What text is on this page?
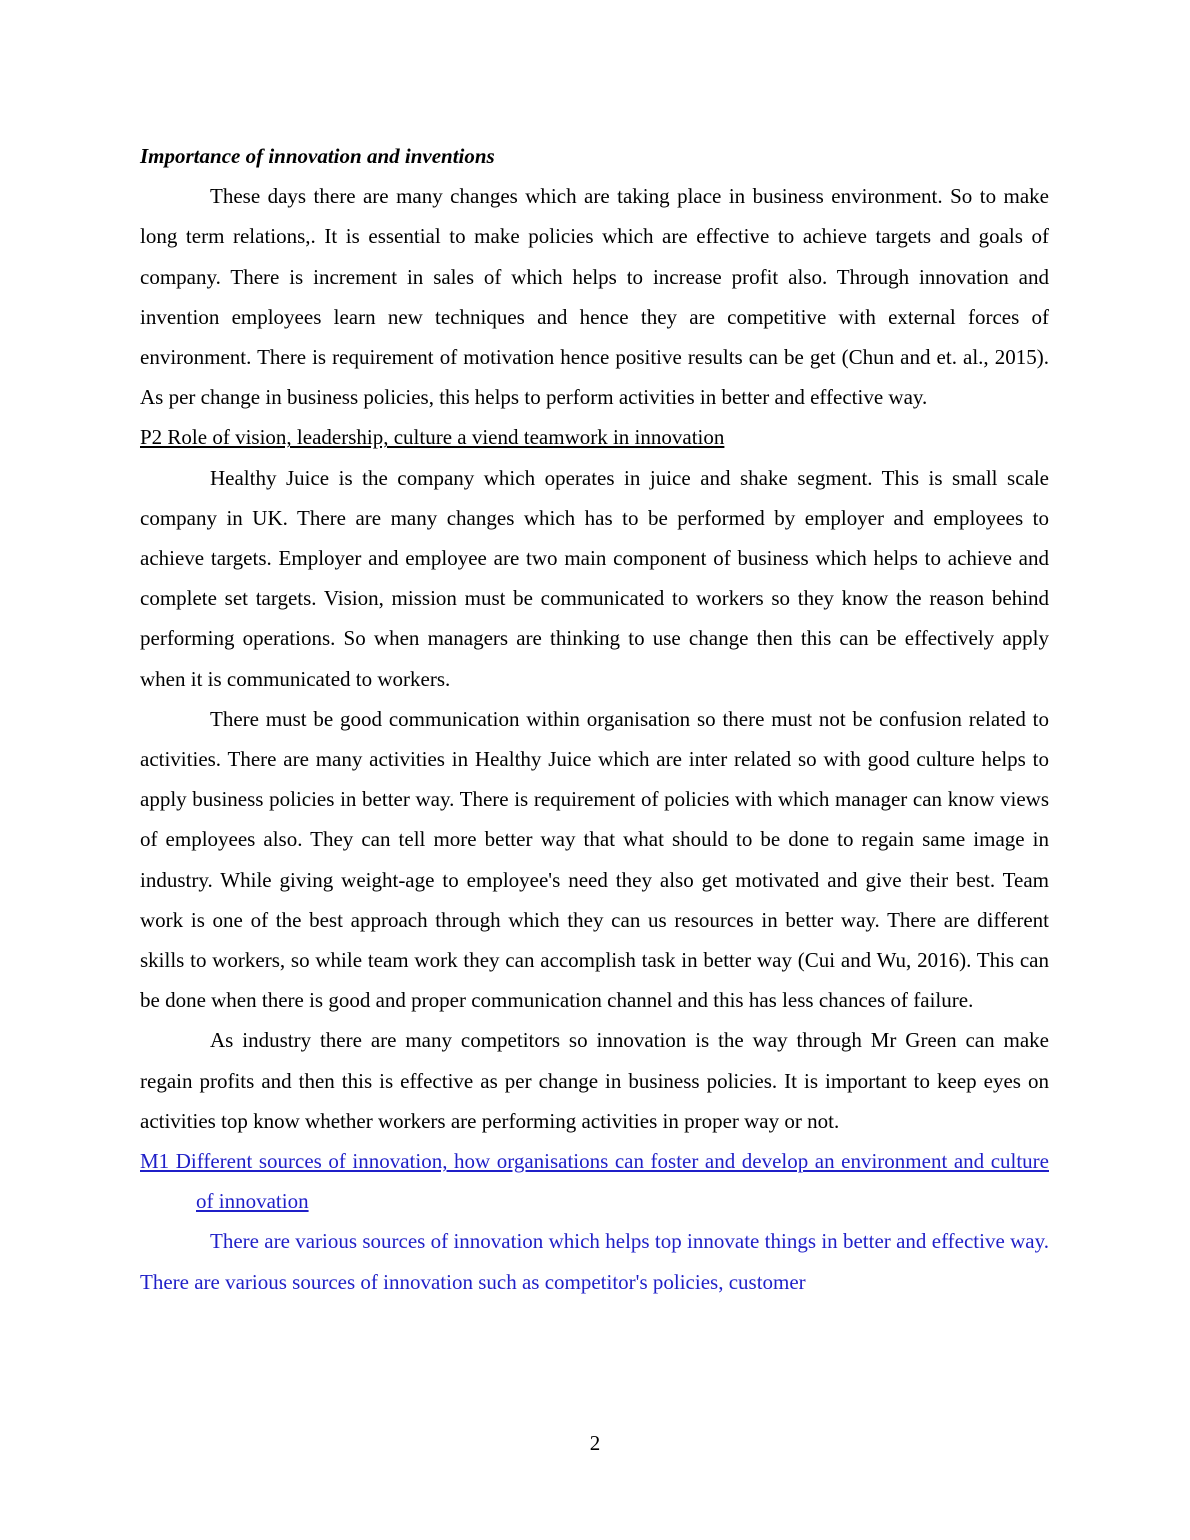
Importance of innovation and inventions

These days there are many changes which are taking place in business environment. So to make long term relations,. It is essential to make policies which are effective to achieve targets and goals of company. There is increment in sales of which helps to increase profit also. Through innovation and invention employees learn new techniques and hence they are competitive with external forces of environment. There is requirement of motivation hence positive results can be get (Chun and et. al., 2015). As per change in business policies, this helps to perform activities in better and effective way.

P2 Role of vision, leadership, culture a viend teamwork in innovation

Healthy Juice is the company which operates in juice and shake segment. This is small scale company in UK. There are many changes which has to be performed by employer and employees to achieve targets. Employer and employee are two main component of business which helps to achieve and complete set targets. Vision, mission must be communicated to workers so they know the reason behind performing operations. So when managers are thinking to use change then this can be effectively apply when it is communicated to workers.

There must be good communication within organisation so there must not be confusion related to activities. There are many activities in Healthy Juice which are inter related so with good culture helps to apply business policies in better way. There is requirement of policies with which manager can know views of employees also. They can tell more better way that what should to be done to regain same image in industry. While giving weight-age to employee's need they also get motivated and give their best. Team work is one of the best approach through which they can us resources in better way. There are different skills to workers, so while team work they can accomplish task in better way (Cui and Wu, 2016). This can be done when there is good and proper communication channel and this has less chances of failure.

As industry there are many competitors so innovation is the way through Mr Green can make regain profits and then this is effective as per change in business policies. It is important to keep eyes on activities top know whether workers are performing activities in proper way or not.

M1 Different sources of innovation, how organisations can foster and develop an environment and culture of innovation

There are various sources of innovation which helps top innovate things in better and effective way. There are various sources of innovation such as competitor's policies, customer

2
